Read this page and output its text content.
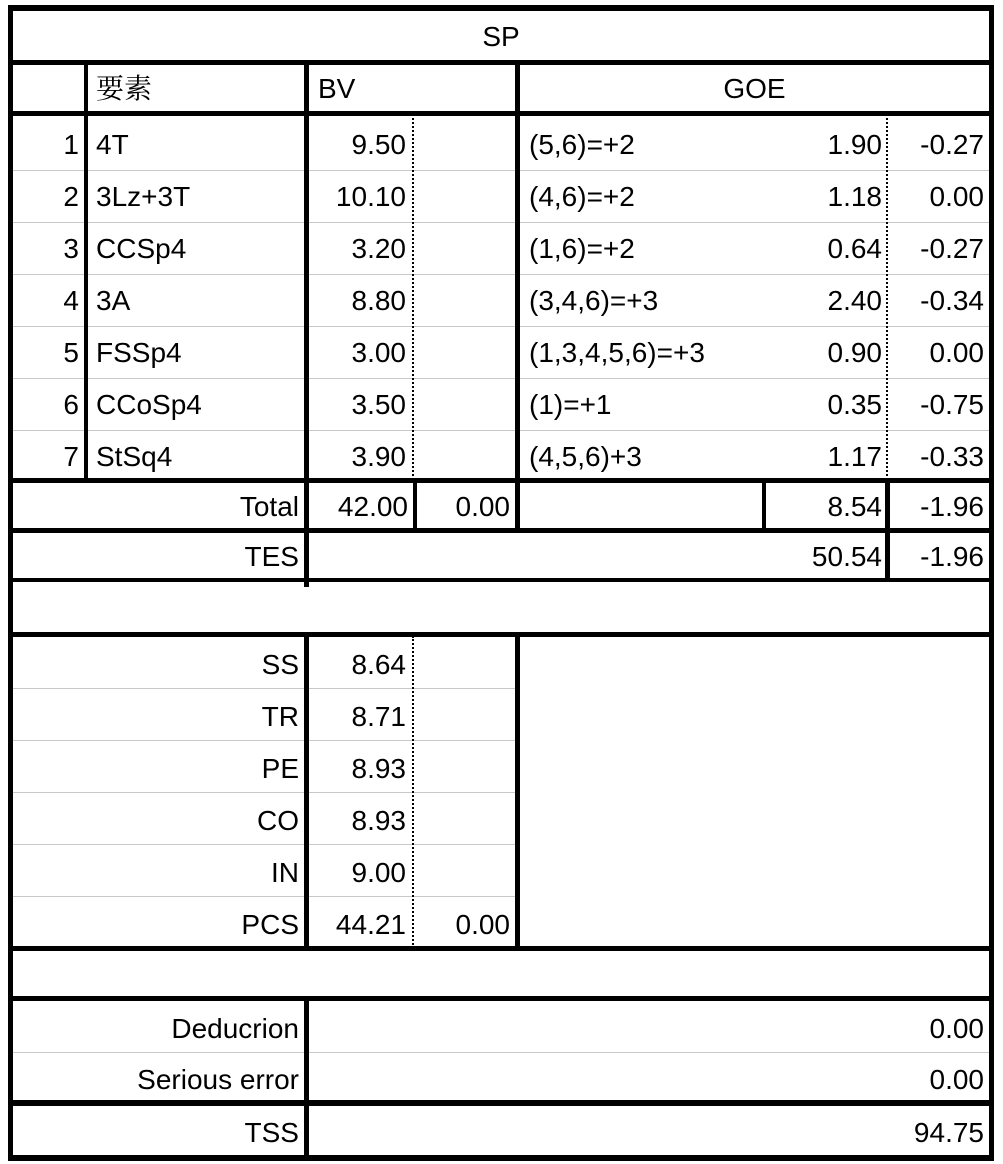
SP
要素	BV	GOE
1 4T	9.50	(5,6)=+2	1.90	-0.27
2 3Lz+3T	10.10	(4,6)=+2	1.18	0.00
3 CCSp4	3.20	(1,6)=+2	0.64	-0.27
4 3A	8.80	(3,4,6)=+3	2.40	-0.34
5 FSSp4	3.00	(1,3,4,5,6)=+3	0.90	0.00
6 CCoSp4	3.50	(1)=+1	0.35	-0.75
7 StSq4	3.90	(4,5,6)+3	1.17	-0.33
Total	42.00	0.00	8.54	-1.96
TES	50.54	-1.96
SS	8.64
TR	8.71
PE	8.93
CO	8.93
IN	9.00
PCS	44.21	0.00
Deducrion	0.00
Serious error	0.00
TSS	94.75
